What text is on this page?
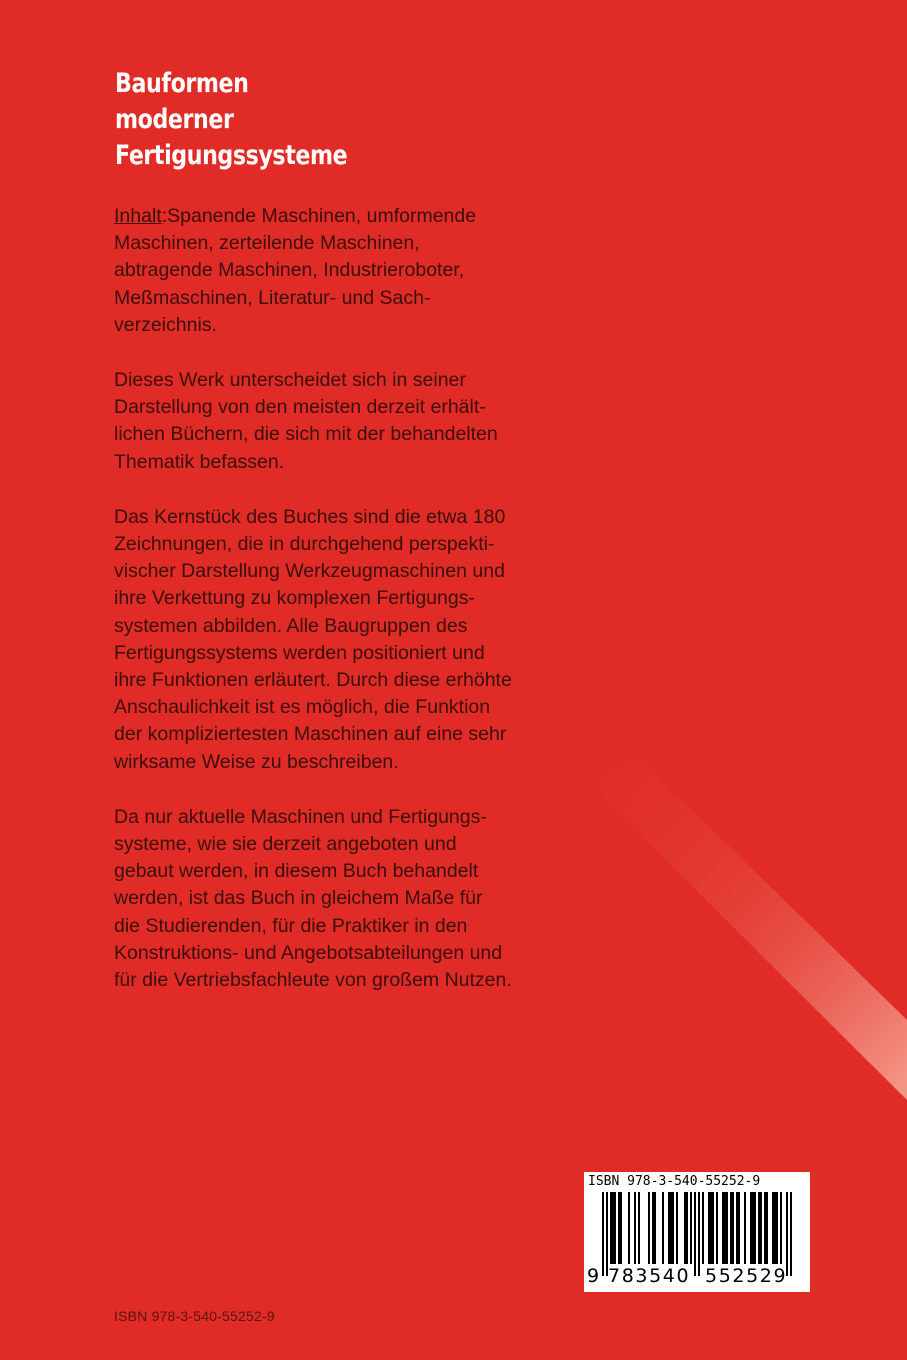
Bauformen
moderner
Fertigungssysteme

Inhalt:Spanende Maschinen, umformende
Maschinen, zerteilende Maschinen,
abtragende Maschinen, Industrieroboter,
Meßmaschinen, Literatur- und Sach-
verzeichnis.

Dieses Werk unterscheidet sich in seiner
Darstellung von den meisten derzeit erhält-
lichen Büchern, die sich mit der behandelten
Thematik befassen.

Das Kernstück des Buches sind die etwa 180
Zeichnungen, die in durchgehend perspekti-
vischer Darstellung Werkzeugmaschinen und
ihre Verkettung zu komplexen Fertigungs-
systemen abbilden. Alle Baugruppen des
Fertigungssystems werden positioniert und
ihre Funktionen erläutert. Durch diese erhöhte
Anschaulichkeit ist es möglich, die Funktion
der kompliziertesten Maschinen auf eine sehr
wirksame Weise zu beschreiben.

Da nur aktuelle Maschinen und Fertigungs-
systeme, wie sie derzeit angeboten und
gebaut werden, in diesem Buch behandelt
werden, ist das Buch in gleichem Maße für
die Studierenden, für die Praktiker in den
Konstruktions- und Angebotsabteilungen und
für die Vertriebsfachleute von großem Nutzen.

ISBN 978-3-540-55252-9
9 783540 552529
ISBN 978-3-540-55252-9
